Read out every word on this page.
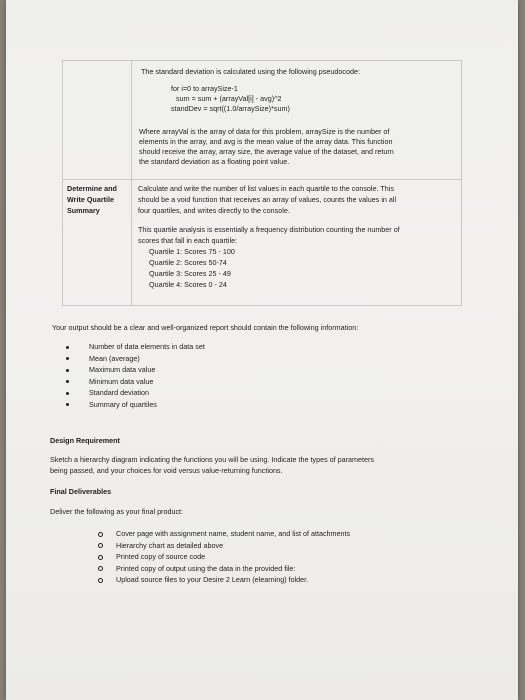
The standard deviation is calculated using the following pseudocode:
for i=0 to arraySize-1
sum = sum + (arrayVal[i] - avg)^2
standDev = sqrt((1.0/arraySize)*sum)
Where arrayVal is the array of data for this problem, arraySize is the number of
elements in the array, and avg is the mean value of the array data. This function
should receive the array, array size, the average value of the dataset, and return
the standard deviation as a floating point value.
Determine and
Write Quartile
Summary
Calculate and write the number of list values in each quartile to the console. This
should be a void function that receives an array of values, counts the values in all
four quartiles, and writes directly to the console.
This quartile analysis is essentially a frequency distribution counting the number of
scores that fall in each quartile:
Quartile 1: Scores 75 - 100
Quartile 2: Scores 50-74
Quartile 3: Scores 25 - 49
Quartile 4: Scores 0 - 24
Your output should be a clear and well-organized report should contain the following information:
Number of data elements in data set
Mean (average)
Maximum data value
Minimum data value
Standard deviation
Summary of quartiles
Design Requirement
Sketch a hierarchy diagram indicating the functions you will be using. Indicate the types of parameters
being passed, and your choices for void versus value-returning functions.
Final Deliverables
Deliver the following as your final product:
Cover page with assignment name, student name, and list of attachments
Hierarchy chart as detailed above
Printed copy of source code
Printed copy of output using the data in the provided file:
Upload source files to your Desire 2 Learn (elearning) folder.
